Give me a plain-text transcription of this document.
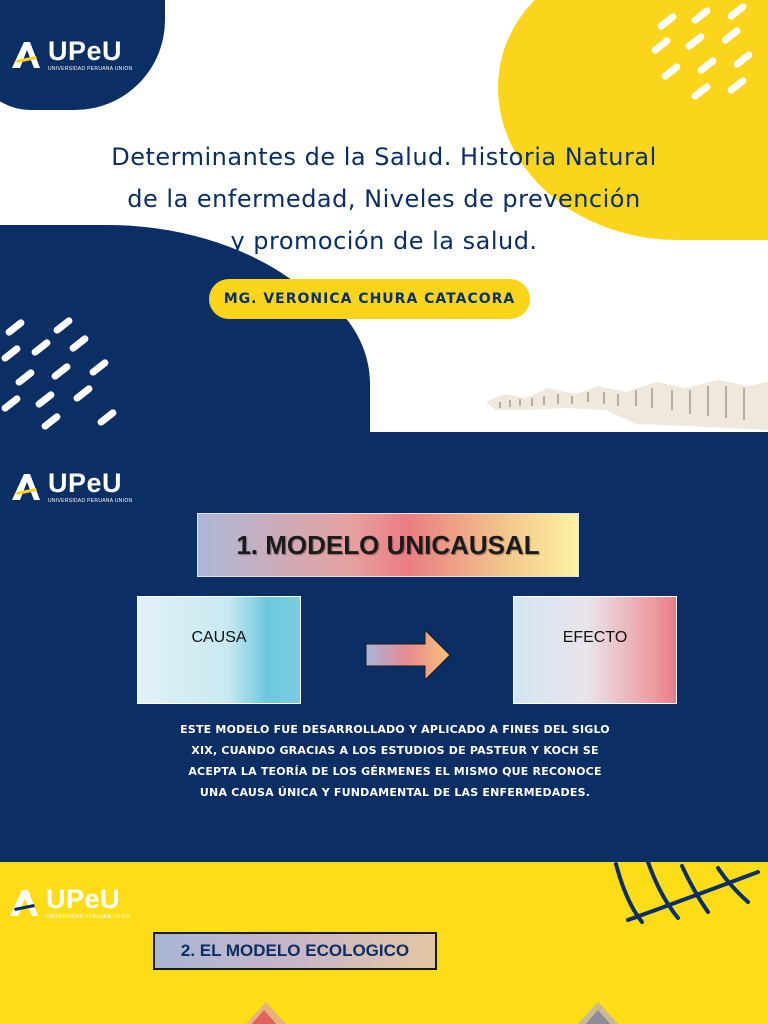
UPeU
UNIVERSIDAD PERUANA UNION
Determinantes de la Salud. Historia Natural
de la enfermedad, Niveles de prevención
y promoción de la salud.
MG. VERONICA CHURA CATACORA
UPeU
UNIVERSIDAD PERUANA UNION
1. MODELO UNICAUSAL
CAUSA	EFECTO
ESTE MODELO FUE DESARROLLADO Y APLICADO A FINES DEL SIGLO
XIX, CUANDO GRACIAS A LOS ESTUDIOS DE PASTEUR Y KOCH SE
ACEPTA LA TEORÍA DE LOS GÉRMENES EL MISMO QUE RECONOCE
UNA CAUSA ÚNICA Y FUNDAMENTAL DE LAS ENFERMEDADES.
UPeU
UNIVERSIDAD PERUANA UNION
2. EL MODELO ECOLOGICO
